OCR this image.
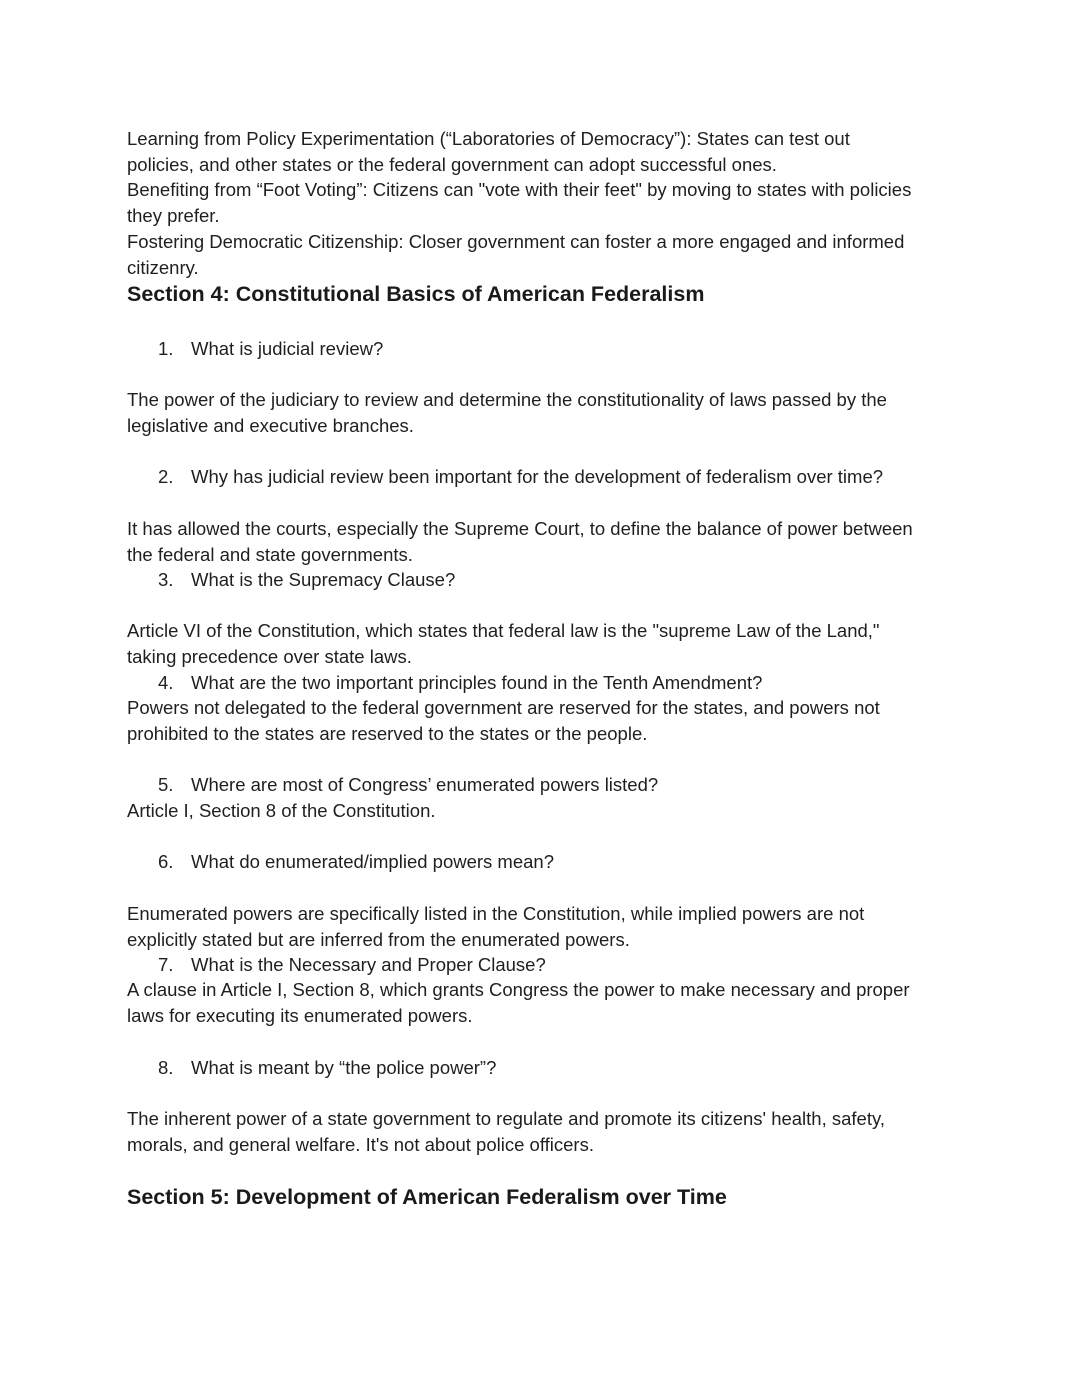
Learning from Policy Experimentation (“Laboratories of Democracy”): States can test out
policies, and other states or the federal government can adopt successful ones.
Benefiting from “Foot Voting”: Citizens can "vote with their feet" by moving to states with policies
they prefer.
Fostering Democratic Citizenship: Closer government can foster a more engaged and informed
citizenry.
Section 4: Constitutional Basics of American Federalism
1. What is judicial review?
The power of the judiciary to review and determine the constitutionality of laws passed by the
legislative and executive branches.
2. Why has judicial review been important for the development of federalism over time?
It has allowed the courts, especially the Supreme Court, to define the balance of power between
the federal and state governments.
3. What is the Supremacy Clause?
Article VI of the Constitution, which states that federal law is the "supreme Law of the Land,"
taking precedence over state laws.
4. What are the two important principles found in the Tenth Amendment?
Powers not delegated to the federal government are reserved for the states, and powers not
prohibited to the states are reserved to the states or the people.
5. Where are most of Congress’ enumerated powers listed?
Article I, Section 8 of the Constitution.
6. What do enumerated/implied powers mean?
Enumerated powers are specifically listed in the Constitution, while implied powers are not
explicitly stated but are inferred from the enumerated powers.
7. What is the Necessary and Proper Clause?
A clause in Article I, Section 8, which grants Congress the power to make necessary and proper
laws for executing its enumerated powers.
8. What is meant by “the police power”?
The inherent power of a state government to regulate and promote its citizens' health, safety,
morals, and general welfare. It's not about police officers.
Section 5: Development of American Federalism over Time
